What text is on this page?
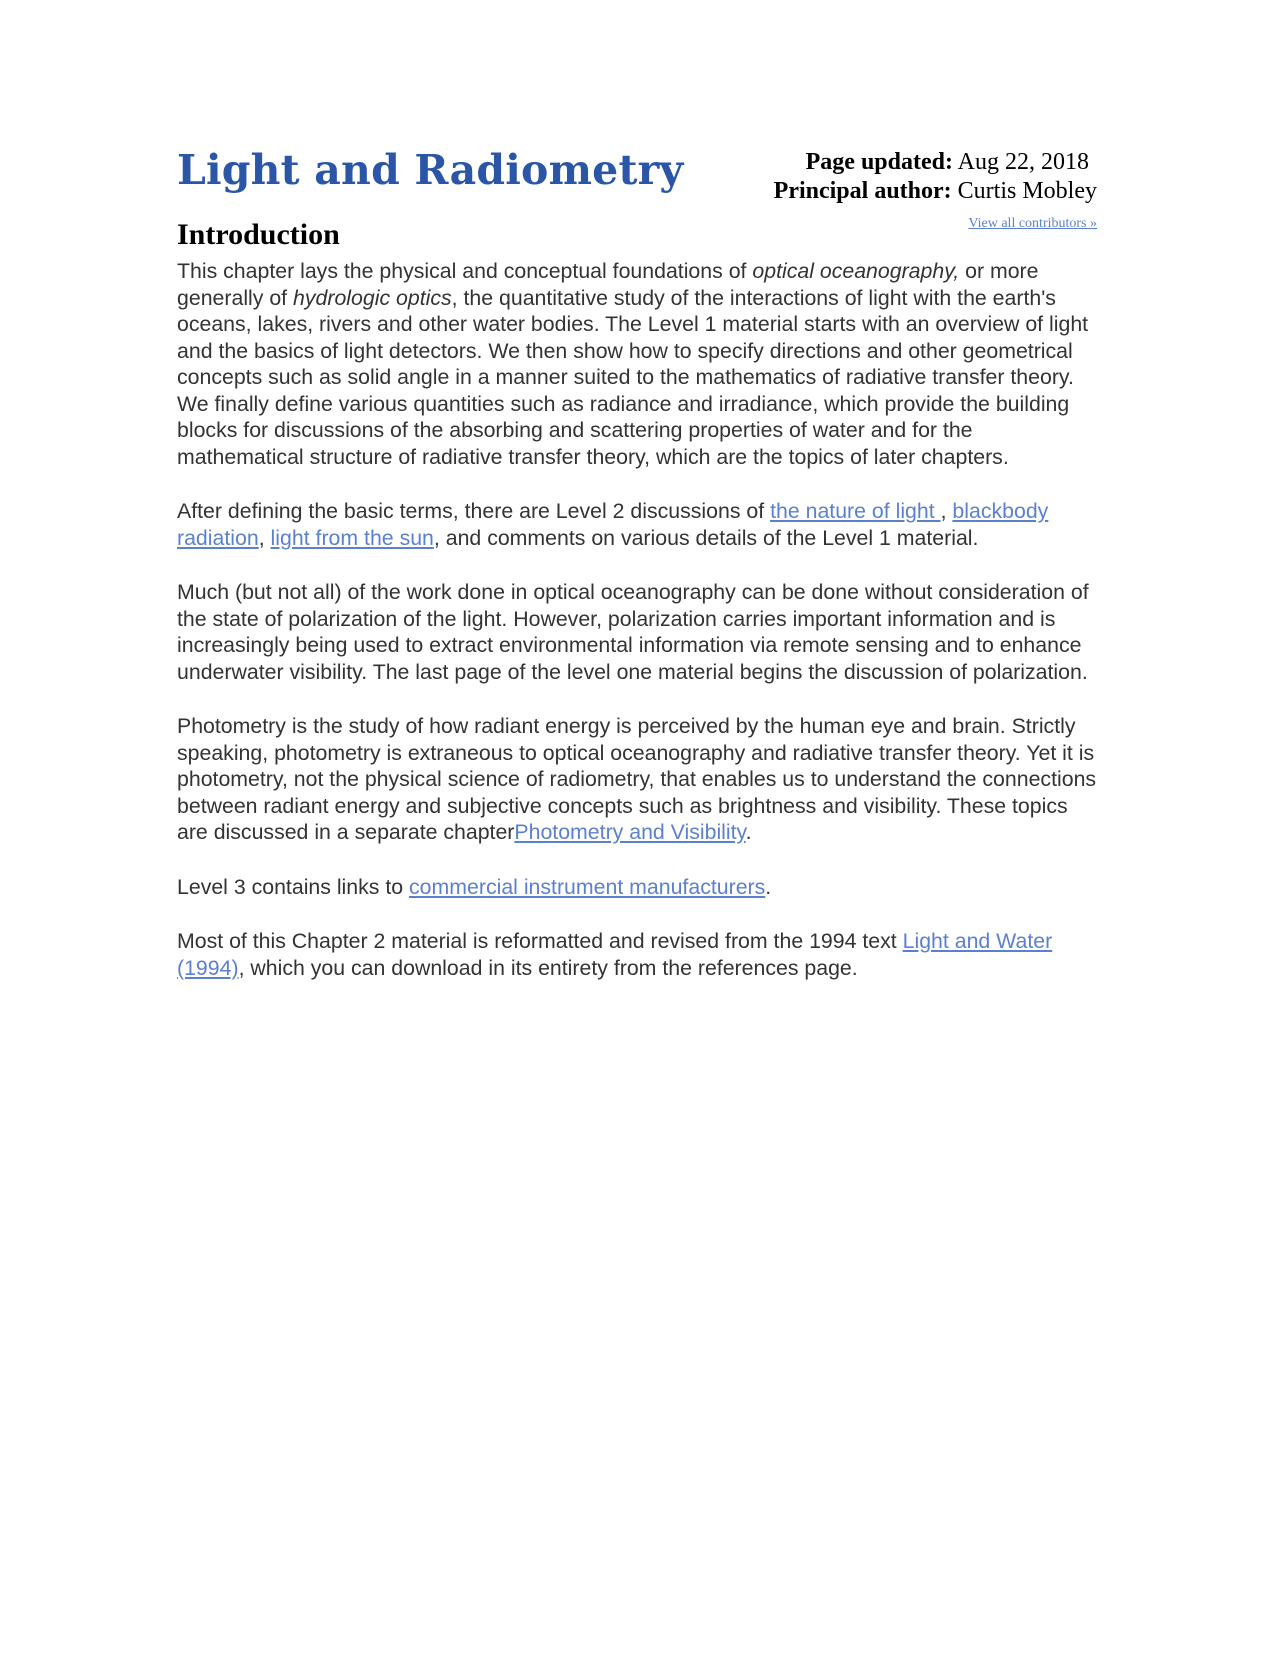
Light and Radiometry	Page updated: Aug 22, 2018
Principal author: Curtis Mobley
View all contributors »
Introduction

This chapter lays the physical and conceptual foundations of optical oceanography, or more generally of hydrologic optics, the quantitative study of the interactions of light with the earth's oceans, lakes, rivers and other water bodies. The Level 1 material starts with an overview of light and the basics of light detectors. We then show how to specify directions and other geometrical concepts such as solid angle in a manner suited to the mathematics of radiative transfer theory. We finally define various quantities such as radiance and irradiance, which provide the building blocks for discussions of the absorbing and scattering properties of water and for the mathematical structure of radiative transfer theory, which are the topics of later chapters.

After defining the basic terms, there are Level 2 discussions of the nature of light , blackbody radiation, light from the sun, and comments on various details of the Level 1 material.

Much (but not all) of the work done in optical oceanography can be done without consideration of the state of polarization of the light. However, polarization carries important information and is increasingly being used to extract environmental information via remote sensing and to enhance underwater visibility. The last page of the level one material begins the discussion of polarization.

Photometry is the study of how radiant energy is perceived by the human eye and brain. Strictly speaking, photometry is extraneous to optical oceanography and radiative transfer theory. Yet it is photometry, not the physical science of radiometry, that enables us to understand the connections between radiant energy and subjective concepts such as brightness and visibility. These topics are discussed in a separate chapterPhotometry and Visibility.

Level 3 contains links to commercial instrument manufacturers.

Most of this Chapter 2 material is reformatted and revised from the 1994 text Light and Water (1994), which you can download in its entirety from the references page.
